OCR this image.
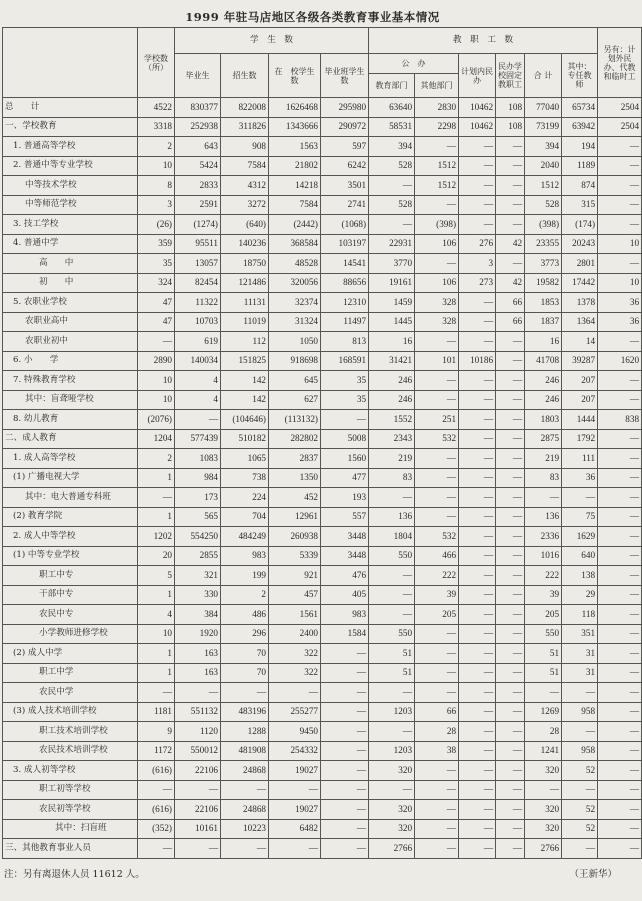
1999 年驻马店地区各级各类教育事业基本情况
	学校数（所）	学　生　数				教　职　工　数						另有：计划外民办、代教和临时工
		毕业生	招生数	在　校学生数	毕业班学生数	公　办		计划内民　办	民办学校固定教职工	合 计	其中：专任教师	
						教育部门	其他部门					
总　　计	4522	830377	822008	1626468	295980	63640	2830	10462	108	77040	65734	2504
一、学校教育	3318	252938	311826	1343666	290972	58531	2298	10462	108	73199	63942	2504
1. 普通高等学校	2	643	908	1563	597	394	—	—	—	394	194	—
2. 普通中等专业学校	10	5424	7584	21802	6242	528	1512	—	—	2040	1189	—
中等技术学校	8	2833	4312	14218	3501	—	1512	—	—	1512	874	—
中等师范学校	3	2591	3272	7584	2741	528	—	—	—	528	315	—
3. 技工学校	(26)	(1274)	(640)	(2442)	(1068)	—	(398)	—	—	(398)	(174)	—
4. 普通中学	359	95511	140236	368584	103197	22931	106	276	42	23355	20243	10
高　　中	35	13057	18750	48528	14541	3770	—	3	—	3773	2801	—
初　　中	324	82454	121486	320056	88656	19161	106	273	42	19582	17442	10
5. 农职业学校	47	11322	11131	32374	12310	1459	328	—	66	1853	1378	36
农职业高中	47	10703	11019	31324	11497	1445	328	—	66	1837	1364	36
农职业初中	—	619	112	1050	813	16	—	—	—	16	14	—
6. 小　　学	2890	140034	151825	918698	168591	31421	101	10186	—	41708	39287	1620
7. 特殊教育学校	10	4	142	645	35	246	—	—	—	246	207	—
其中：盲聋哑学校	10	4	142	627	35	246	—	—	—	246	207	—
8. 幼儿教育	(2076)	—	(104646)	(113132)	—	1552	251	—	—	1803	1444	838
二、成人教育	1204	577439	510182	282802	5008	2343	532	—	—	2875	1792	—
1. 成人高等学校	2	1083	1065	2837	1560	219	—	—	—	219	111	—
(1) 广播电视大学	1	984	738	1350	477	83	—	—	—	83	36	—
其中：电大普通专科班	—	173	224	452	193	—	—	—	—	—	—	—
(2) 教育学院	1	565	704	12961	557	136	—	—	—	136	75	—
2. 成人中等学校	1202	554250	484249	260938	3448	1804	532	—	—	2336	1629	—
(1) 中等专业学校	20	2855	983	5339	3448	550	466	—	—	1016	640	—
职工中专	5	321	199	921	476	—	222	—	—	222	138	—
干部中专	1	330	2	457	405	—	39	—	—	39	29	—
农民中专	4	384	486	1561	983	—	205	—	—	205	118	—
小学教师进修学校	10	1920	296	2400	1584	550	—	—	—	550	351	—
(2) 成人中学	1	163	70	322	—	51	—	—	—	51	31	—
职工中学	1	163	70	322	—	51	—	—	—	51	31	—
农民中学	—	—	—	—	—	—	—	—	—	—	—	—
(3) 成人技术培训学校	1181	551132	483196	255277	—	1203	66	—	—	1269	958	—
职工技术培训学校	9	1120	1288	9450	—	—	28	—	—	28	—	—
农民技术培训学校	1172	550012	481908	254332	—	1203	38	—	—	1241	958	—
3. 成人初等学校	(616)	22106	24868	19027	—	320	—	—	—	320	52	—
职工初等学校	—	—	—	—	—	—	—	—	—	—	—	—
农民初等学校	(616)	22106	24868	19027	—	320	—	—	—	320	52	—
其中：扫盲班	(352)	10161	10223	6482	—	320	—	—	—	320	52	—
三、其他教育事业人员	—	—	—	—	—	2766	—	—	—	2766	—	—
注：另有离退休人员 11612 人。	（王新华）
